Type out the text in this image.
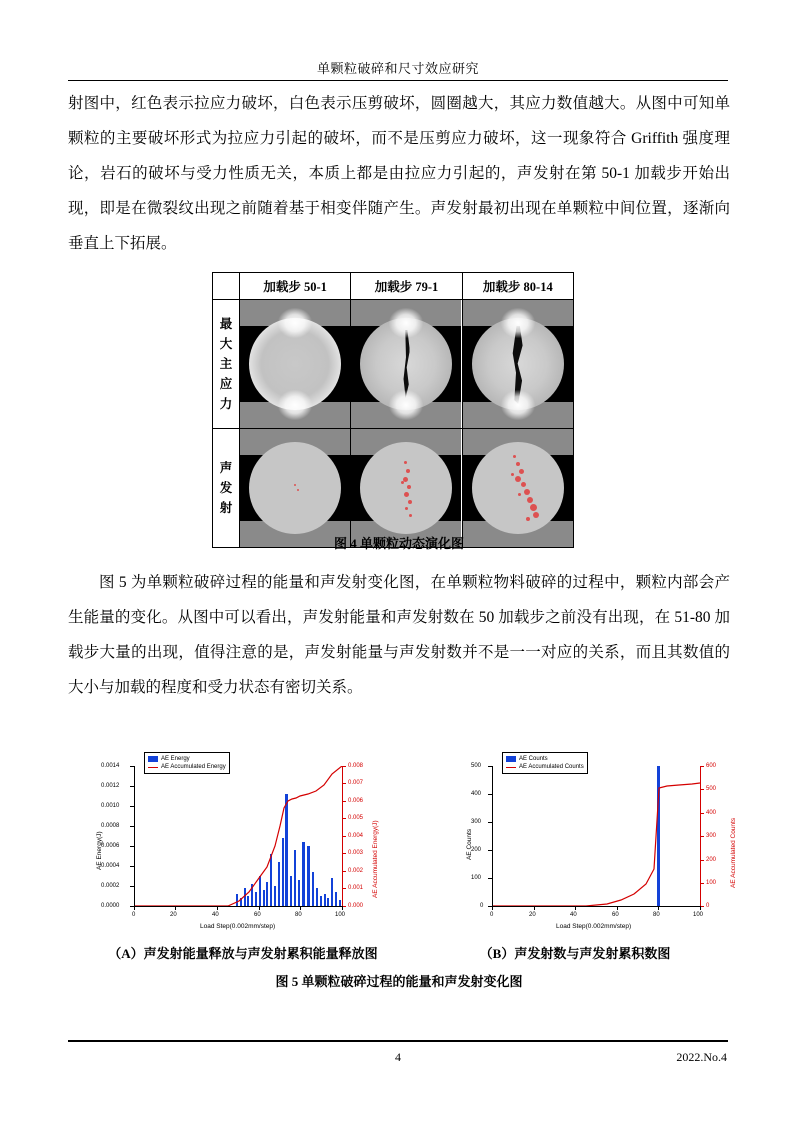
单颗粒破碎和尺寸效应研究

射图中，红色表示拉应力破坏，白色表示压剪破坏，圆圈越大，其应力数值越大。从图中可知单颗粒的主要破坏形式为拉应力引起的破坏，而不是压剪应力破坏，这一现象符合 Griffith 强度理论，岩石的破坏与受力性质无关，本质上都是由拉应力引起的，声发射在第 50-1 加载步开始出现，即是在微裂纹出现之前随着基于相变伴随产生。声发射最初出现在单颗粒中间位置，逐渐向垂直上下拓展。

	加载步 50-1	加载步 79-1	加载步 80-14

最
大
主
应
力			

声
发
射			

图 4 单颗粒动态演化图

图 5 为单颗粒破碎过程的能量和声发射变化图，在单颗粒物料破碎的过程中，颗粒内部会产生能量的变化。从图中可以看出，声发射能量和声发射数在 50 加载步之前没有出现，在 51-80 加载步大量的出现，值得注意的是，声发射能量与声发射数并不是一一对应的关系，而且其数值的大小与加载的程度和受力状态有密切关系。

0.0000
0.0002
0.0004
0.0006
0.0008
0.0010
0.0012
0.0014
0.000
0.001
0.002
0.003
0.004
0.005
0.006
0.007
0.008
0	20	40	60	80	100
AE Energy(J)	AE Accumulated Energy(J)
Load Step(0.002mm/step)
AE Energy
AE Accumulated Energy
0
100
200
300
400
500
0
100
200
300
400
500
600
0	20	40	60	80	100
AE Counts	AE Accumulated Counts
Load Step(0.002mm/step)
AE Counts
AE Accumulated Counts
（A）声发射能量释放与声发射累积能量释放图	（B）声发射数与声发射累积数图
图 5 单颗粒破碎过程的能量和声发射变化图
4	2022.No.4
